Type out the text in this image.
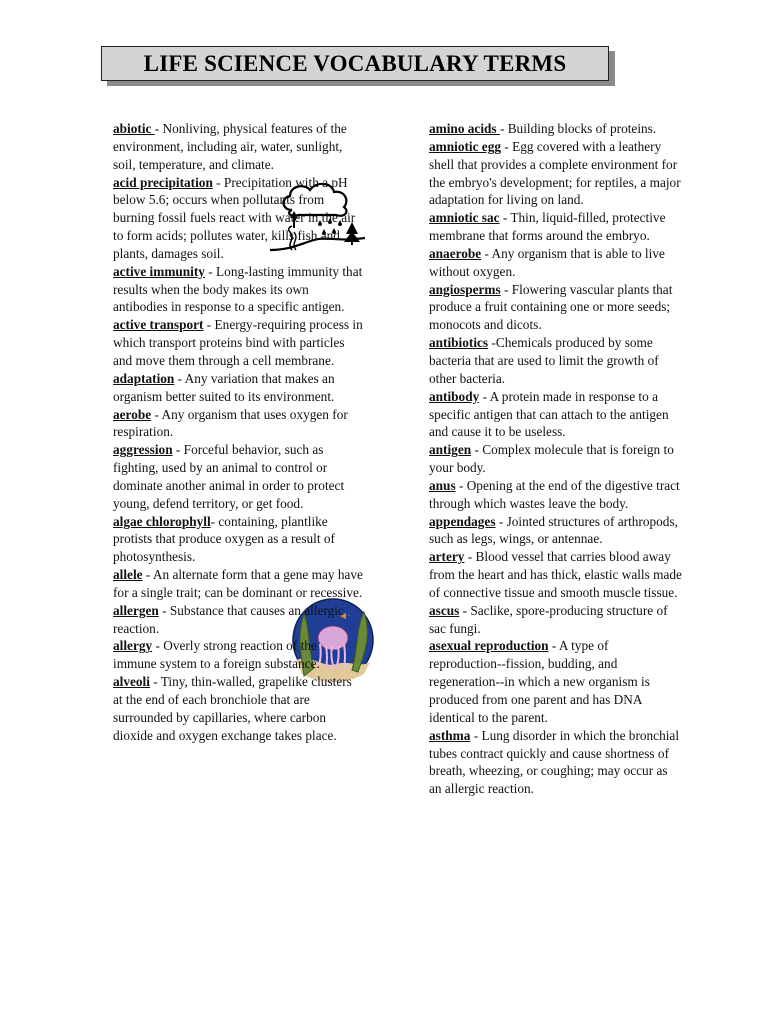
LIFE SCIENCE VOCABULARY TERMS

abiotic - Nonliving, physical features of the environment, including air, water, sunlight, soil, temperature, and climate.

acid precipitation - Precipitation with a pH below 5.6; occurs when pollutants from burning fossil fuels react with water in the air to form acids; pollutes water, kills fish and plants, damages soil.

active immunity - Long-lasting immunity that results when the body makes its own antibodies in response to a specific antigen.

active transport - Energy-requiring process in which transport proteins bind with particles and move them through a cell membrane.

adaptation - Any variation that makes an organism better suited to its environment.

aerobe - Any organism that uses oxygen for respiration.

aggression - Forceful behavior, such as fighting, used by an animal to control or dominate another animal in order to protect young, defend territory, or get food.

algae chlorophyll- containing, plantlike protists that produce oxygen as a result of photosynthesis.

allele - An alternate form that a gene may have for a single trait; can be dominant or recessive.

allergen - Substance that causes an allergic reaction.

allergy - Overly strong reaction of the immune system to a foreign substance.

alveoli - Tiny, thin-walled, grapelike clusters at the end of each bronchiole that are surrounded by capillaries, where carbon dioxide and oxygen exchange takes place.

amino acids - Building blocks of proteins.

amniotic egg - Egg covered with a leathery shell that provides a complete environment for the embryo's development; for reptiles, a major adaptation for living on land.

amniotic sac - Thin, liquid-filled, protective membrane that forms around the embryo.

anaerobe - Any organism that is able to live without oxygen.

angiosperms - Flowering vascular plants that produce a fruit containing one or more seeds; monocots and dicots.

antibiotics -Chemicals produced by some bacteria that are used to limit the growth of other bacteria.

antibody - A protein made in response to a specific antigen that can attach to the antigen and cause it to be useless.

antigen - Complex molecule that is foreign to your body.

anus - Opening at the end of the digestive tract through which wastes leave the body.

appendages - Jointed structures of arthropods, such as legs, wings, or antennae.

artery - Blood vessel that carries blood away from the heart and has thick, elastic walls made of connective tissue and smooth muscle tissue.

ascus - Saclike, spore-producing structure of sac fungi.

asexual reproduction - A type of reproduction--fission, budding, and regeneration--in which a new organism is produced from one parent and has DNA identical to the parent.

asthma - Lung disorder in which the bronchial tubes contract quickly and cause shortness of breath, wheezing, or coughing; may occur as an allergic reaction.
